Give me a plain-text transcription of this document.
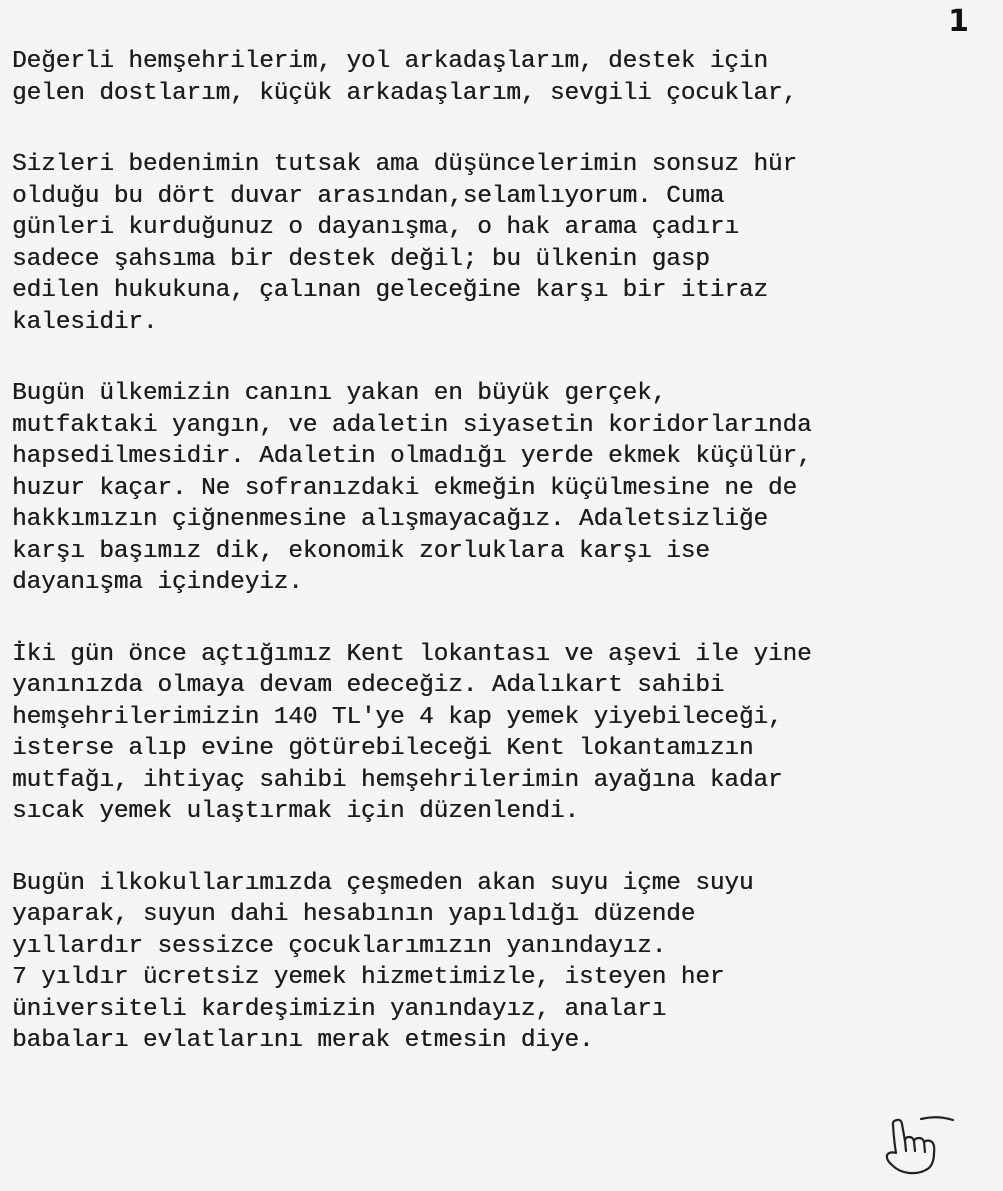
1
Değerli hemşehrilerim, yol arkadaşlarım, destek için
gelen dostlarım, küçük arkadaşlarım, sevgili çocuklar,
Sizleri bedenimin tutsak ama düşüncelerimin sonsuz hür
olduğu bu dört duvar arasından,selamlıyorum. Cuma
günleri kurduğunuz o dayanışma, o hak arama çadırı
sadece şahsıma bir destek değil; bu ülkenin gasp
edilen hukukuna, çalınan geleceğine karşı bir itiraz
kalesidir.
Bugün ülkemizin canını yakan en büyük gerçek,
mutfaktaki yangın, ve adaletin siyasetin koridorlarında
hapsedilmesidir. Adaletin olmadığı yerde ekmek küçülür,
huzur kaçar. Ne sofranızdaki ekmeğin küçülmesine ne de
hakkımızın çiğnenmesine alışmayacağız. Adaletsizliğe
karşı başımız dik, ekonomik zorluklara karşı ise
dayanışma içindeyiz.
İki gün önce açtığımız Kent lokantası ve aşevi ile yine
yanınızda olmaya devam edeceğiz. Adalıkart sahibi
hemşehrilerimizin 140 TL'ye 4 kap yemek yiyebileceği,
isterse alıp evine götürebileceği Kent lokantamızın
mutfağı, ihtiyaç sahibi hemşehrilerimin ayağına kadar
sıcak yemek ulaştırmak için düzenlendi.
Bugün ilkokullarımızda çeşmeden akan suyu içme suyu
yaparak, suyun dahi hesabının yapıldığı düzende
yıllardır sessizce çocuklarımızın yanındayız.
7 yıldır ücretsiz yemek hizmetimizle, isteyen her
üniversiteli kardeşimizin yanındayız, anaları
babaları evlatlarını merak etmesin diye.
